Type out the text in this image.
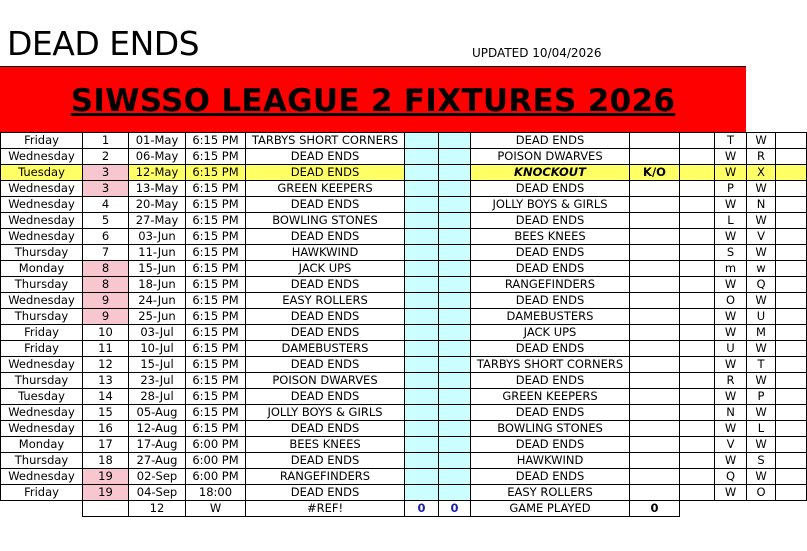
DEAD ENDS	UPDATED 10/04/2026
SIWSSO LEAGUE 2 FIXTURES 2026
Friday	1	01-May	6:15 PM	TARBYS SHORT CORNERS			DEAD ENDS			T	W	
Wednesday	2	06-May	6:15 PM	DEAD ENDS			POISON DWARVES			W	R	
Tuesday	3	12-May	6:15 PM	DEAD ENDS			KNOCKOUT	K/O		W	X	
Wednesday	3	13-May	6:15 PM	GREEN KEEPERS			DEAD ENDS			P	W	
Wednesday	4	20-May	6:15 PM	DEAD ENDS			JOLLY BOYS & GIRLS			W	N	
Wednesday	5	27-May	6:15 PM	BOWLING STONES			DEAD ENDS			L	W	
Wednesday	6	03-Jun	6:15 PM	DEAD ENDS			BEES KNEES			W	V	
Thursday	7	11-Jun	6:15 PM	HAWKWIND			DEAD ENDS			S	W	
Monday	8	15-Jun	6:15 PM	JACK UPS			DEAD ENDS			m	w	
Thursday	8	18-Jun	6:15 PM	DEAD ENDS			RANGEFINDERS			W	Q	
Wednesday	9	24-Jun	6:15 PM	EASY ROLLERS			DEAD ENDS			O	W	
Thursday	9	25-Jun	6:15 PM	DEAD ENDS			DAMEBUSTERS			W	U	
Friday	10	03-Jul	6:15 PM	DEAD ENDS			JACK UPS			W	M	
Friday	11	10-Jul	6:15 PM	DAMEBUSTERS			DEAD ENDS			U	W	
Wednesday	12	15-Jul	6:15 PM	DEAD ENDS			TARBYS SHORT CORNERS			W	T	
Thursday	13	23-Jul	6:15 PM	POISON DWARVES			DEAD ENDS			R	W	
Tuesday	14	28-Jul	6:15 PM	DEAD ENDS			GREEN KEEPERS			W	P	
Wednesday	15	05-Aug	6:15 PM	JOLLY BOYS & GIRLS			DEAD ENDS			N	W	
Wednesday	16	12-Aug	6:15 PM	DEAD ENDS			BOWLING STONES			W	L	
Monday	17	17-Aug	6:00 PM	BEES KNEES			DEAD ENDS			V	W	
Thursday	18	27-Aug	6:00 PM	DEAD ENDS			HAWKWIND			W	S	
Wednesday	19	02-Sep	6:00 PM	RANGEFINDERS			DEAD ENDS			Q	W	
Friday	19	04-Sep	18:00	DEAD ENDS			EASY ROLLERS			W	O	
		12	W	#REF!	0	0	GAME PLAYED	0				
